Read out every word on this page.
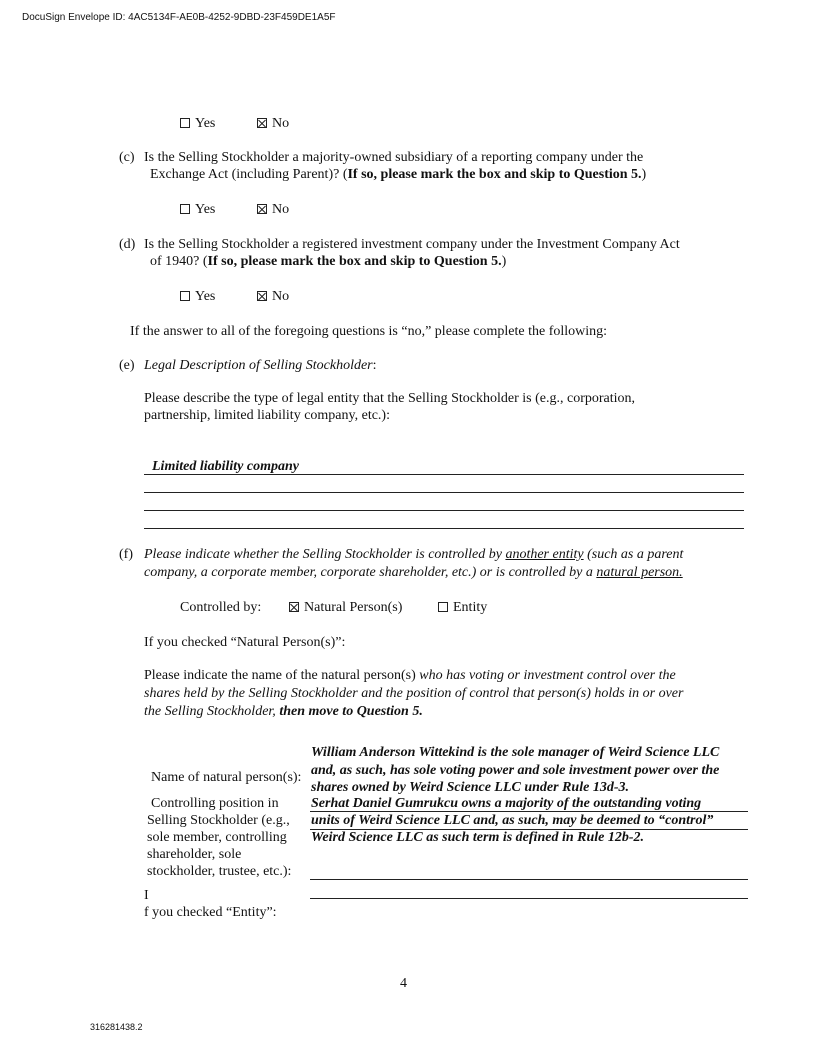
DocuSign Envelope ID: 4AC5134F-AE0B-4252-9DBD-23F459DE1A5F
Yes	No
(c) Is the Selling Stockholder a majority-owned subsidiary of a reporting company under the
Exchange Act (including Parent)? (If so, please mark the box and skip to Question 5.)
Yes	No
(d) Is the Selling Stockholder a registered investment company under the Investment Company Act
of 1940? (If so, please mark the box and skip to Question 5.)
Yes	No
If the answer to all of the foregoing questions is “no,” please complete the following:
(e) Legal Description of Selling Stockholder:
Please describe the type of legal entity that the Selling Stockholder is (e.g., corporation,
partnership, limited liability company, etc.):
Limited liability company
(f) Please indicate whether the Selling Stockholder is controlled by another entity (such as a parent
company, a corporate member, corporate shareholder, etc.) or is controlled by a natural person.
Controlled by:	Natural Person(s)	Entity
If you checked “Natural Person(s)”:
Please indicate the name of the natural person(s) who has voting or investment control over the
shares held by the Selling Stockholder and the position of control that person(s) holds in or over
the Selling Stockholder, then move to Question 5.
Name of natural person(s):
William Anderson Wittekind is the sole manager of Weird Science LLC
and, as such, has sole voting power and sole investment power over the
shares owned by Weird Science LLC under Rule 13d-3.
Controlling position in
Selling Stockholder (e.g.,
sole member, controlling
shareholder, sole
stockholder, trustee, etc.):
Serhat Daniel Gumrukcu owns a majority of the outstanding voting
units of Weird Science LLC and, as such, may be deemed to “control”
Weird Science LLC as such term is defined in Rule 12b-2.
I
f you checked “Entity”:
4
316281438.2
